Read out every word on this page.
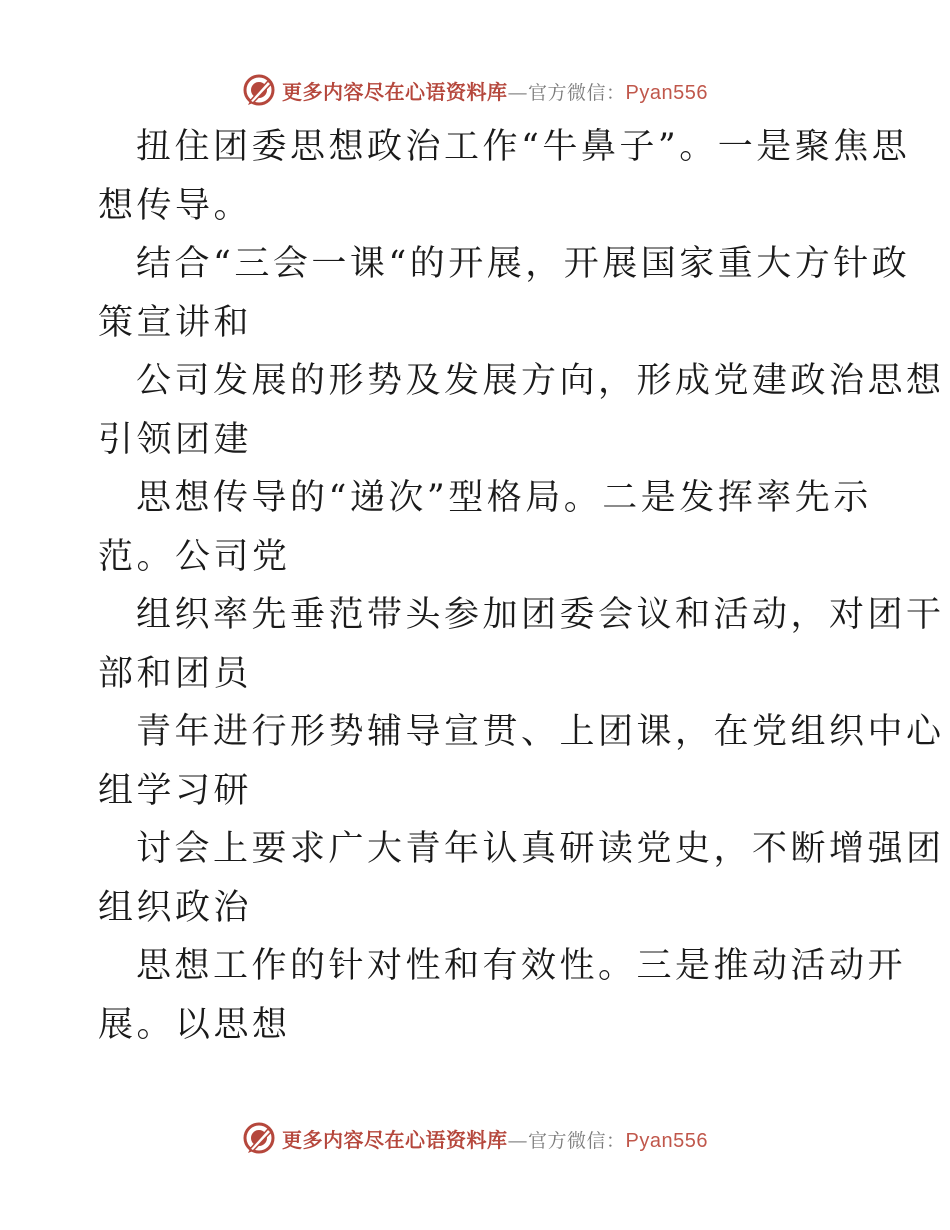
更多内容尽在心语资料库—官方微信：Pyan556
扭住团委思想政治工作“牛鼻子”。一是聚焦思
想传导。
结合“三会一课“的开展，开展国家重大方针政
策宣讲和
公司发展的形势及发展方向，形成党建政治思想
引领团建
思想传导的“递次”型格局。二是发挥率先示
范。公司党
组织率先垂范带头参加团委会议和活动，对团干
部和团员
青年进行形势辅导宣贯、上团课，在党组织中心
组学习研
讨会上要求广大青年认真研读党史，不断增强团
组织政治
思想工作的针对性和有效性。三是推动活动开
展。以思想
更多内容尽在心语资料库—官方微信：Pyan556
